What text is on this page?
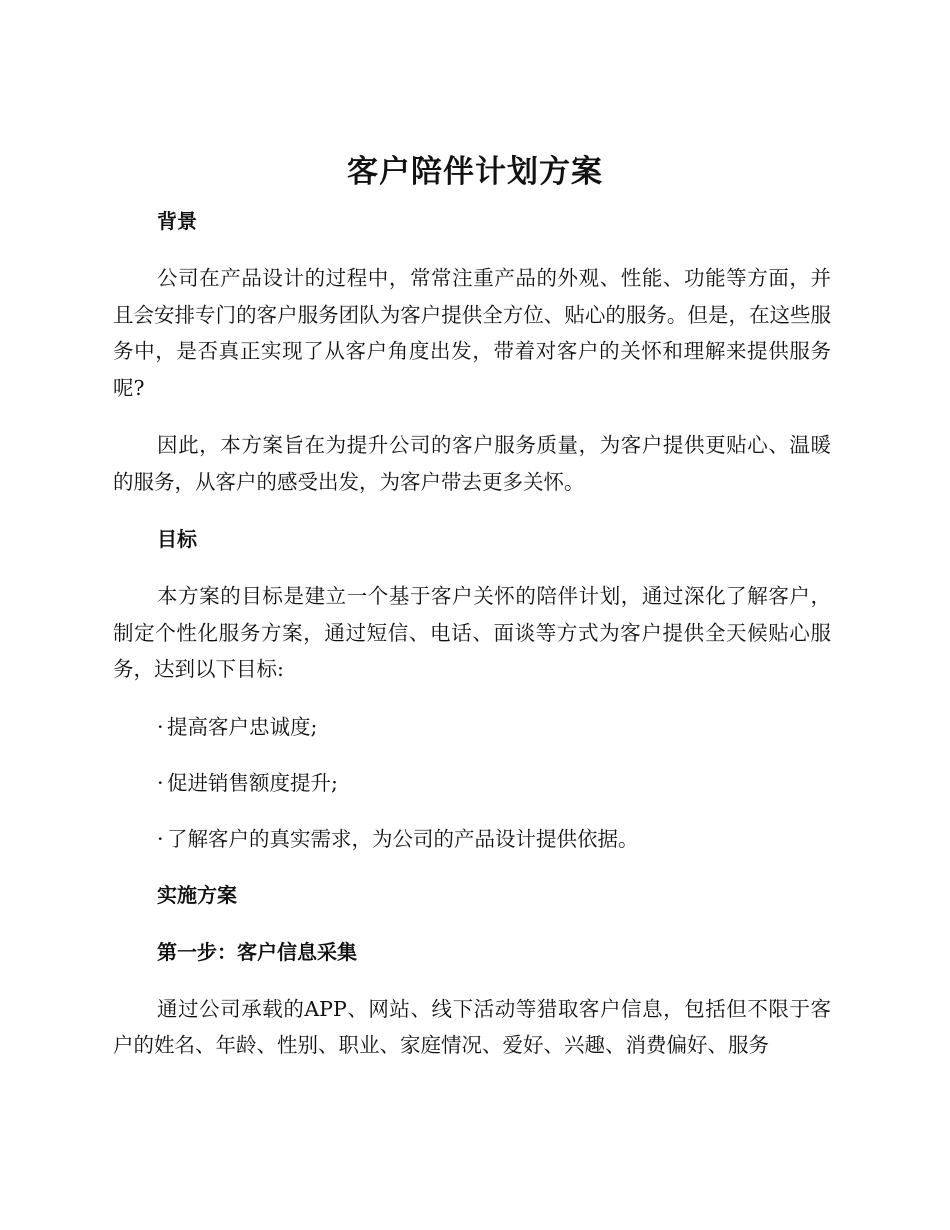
客户陪伴计划方案

背景

公司在产品设计的过程中，常常注重产品的外观、性能、功能等方面，并且会安排专门的客户服务团队为客户提供全方位、贴心的服务。但是，在这些服务中，是否真正实现了从客户角度出发，带着对客户的关怀和理解来提供服务呢?

因此，本方案旨在为提升公司的客户服务质量，为客户提供更贴心、温暖的服务，从客户的感受出发，为客户带去更多关怀。

目标

本方案的目标是建立一个基于客户关怀的陪伴计划，通过深化了解客户，制定个性化服务方案，通过短信、电话、面谈等方式为客户提供全天候贴心服务，达到以下目标:

· 提高客户忠诚度;

· 促进销售额度提升;

· 了解客户的真实需求，为公司的产品设计提供依据。

实施方案

第一步：客户信息采集

通过公司承载的APP、网站、线下活动等猎取客户信息，包括但不限于客户的姓名、年龄、性别、职业、家庭情况、爱好、兴趣、消费偏好、服务
